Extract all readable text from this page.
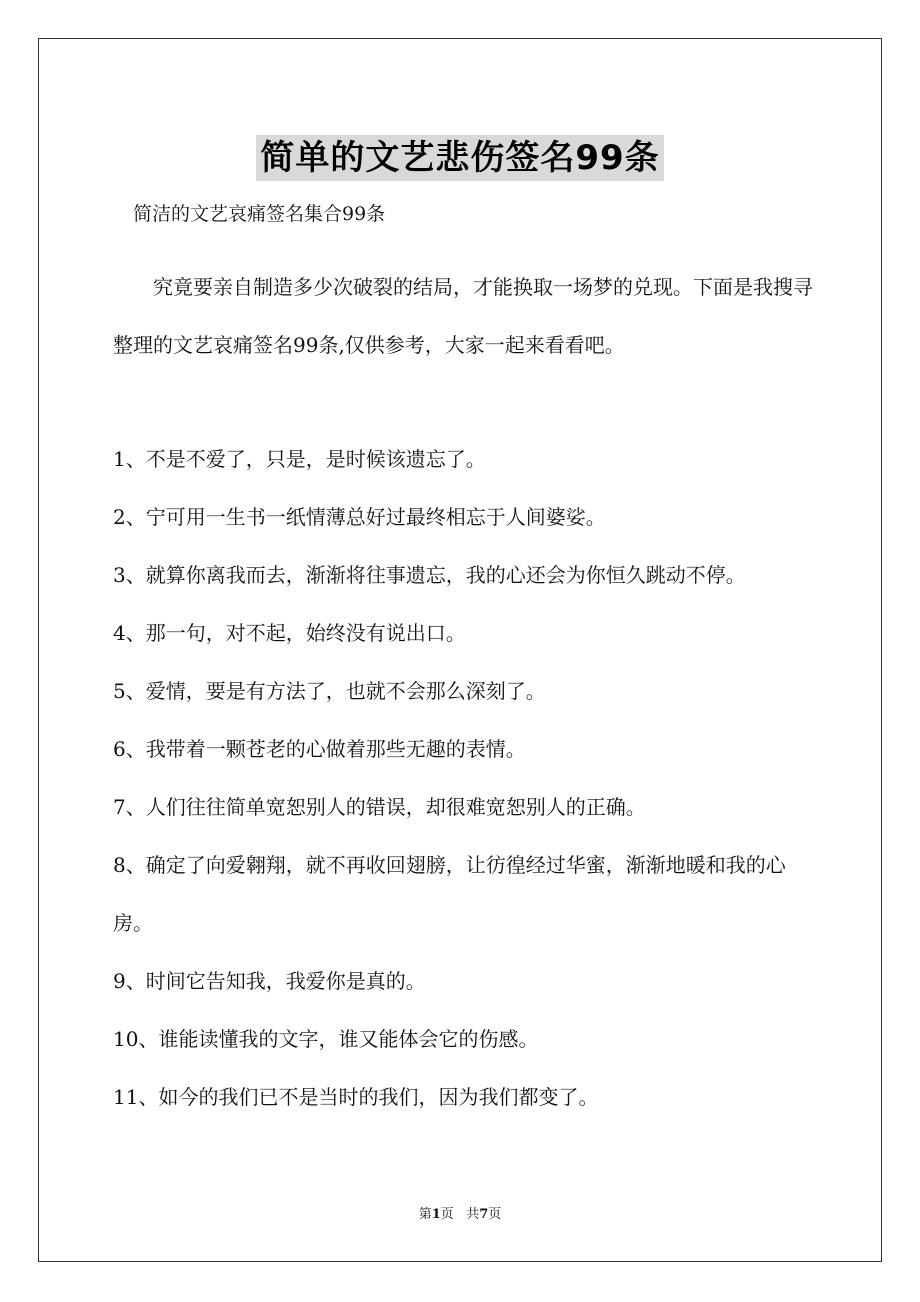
简单的文艺悲伤签名99条
简洁的文艺哀痛签名集合99条

究竟要亲自制造多少次破裂的结局，才能换取一场梦的兑现。下面是我搜寻整理的文艺哀痛签名99条,仅供参考，大家一起来看看吧。

1、不是不爱了，只是，是时候该遗忘了。
2、宁可用一生书一纸情薄总好过最终相忘于人间婆娑。
3、就算你离我而去，渐渐将往事遗忘，我的心还会为你恒久跳动不停。
4、那一句，对不起，始终没有说出口。
5、爱情，要是有方法了，也就不会那么深刻了。
6、我带着一颗苍老的心做着那些无趣的表情。
7、人们往往简单宽恕别人的错误，却很难宽恕别人的正确。
8、确定了向爱翱翔，就不再收回翅膀，让彷徨经过华蜜，渐渐地暖和我的心房。
9、时间它告知我，我爱你是真的。
10、谁能读懂我的文字，谁又能体会它的伤感。
11、如今的我们已不是当时的我们，因为我们都变了。
第1页 共7页
